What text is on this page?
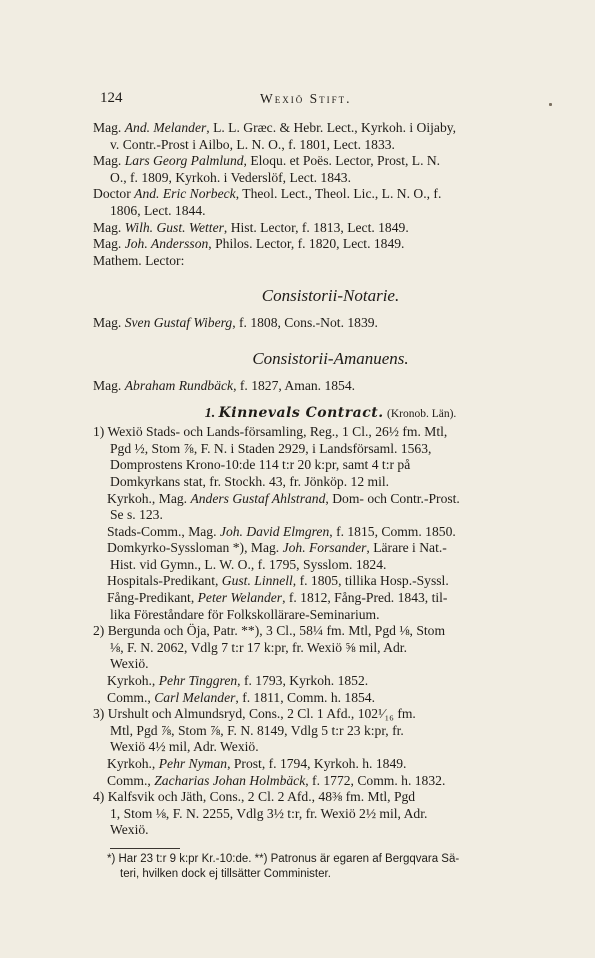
124	Wexiö Stift.
Mag. And. Melander, L. L. Græc. & Hebr. Lect., Kyrkoh. i Oijaby,
v. Contr.-Prost i Ailbo, L. N. O., f. 1801, Lect. 1833.
Mag. Lars Georg Palmlund, Eloqu. et Poës. Lector, Prost, L. N.
O., f. 1809, Kyrkoh. i Vederslöf, Lect. 1843.
Doctor And. Eric Norbeck, Theol. Lect., Theol. Lic., L. N. O., f.
1806, Lect. 1844.
Mag. Wilh. Gust. Wetter, Hist. Lector, f. 1813, Lect. 1849.
Mag. Joh. Andersson, Philos. Lector, f. 1820, Lect. 1849.
Mathem. Lector:
Consistorii-Notarie.
Mag. Sven Gustaf Wiberg, f. 1808, Cons.-Not. 1839.
Consistorii-Amanuens.
Mag. Abraham Rundbäck, f. 1827, Aman. 1854.
1. Kinnevals Contract. (Kronob. Län).
1) Wexiö Stads- och Lands-församling, Reg., 1 Cl., 26½ fm. Mtl,
Pgd ½, Stom ⅞, F. N. i Staden 2929, i Landsförsaml. 1563,
Domprostens Krono-10:de 114 t:r 20 k:pr, samt 4 t:r på
Domkyrkans stat, fr. Stockh. 43, fr. Jönköp. 12 mil.
Kyrkoh., Mag. Anders Gustaf Ahlstrand, Dom- och Contr.-Prost.
Se s. 123.
Stads-Comm., Mag. Joh. David Elmgren, f. 1815, Comm. 1850.
Domkyrko-Syssloman *), Mag. Joh. Forsander, Lärare i Nat.-
Hist. vid Gymn., L. W. O., f. 1795, Sysslom. 1824.
Hospitals-Predikant, Gust. Linnell, f. 1805, tillika Hosp.-Syssl.
Fång-Predikant, Peter Welander, f. 1812, Fång-Pred. 1843, til-
lika Föreståndare för Folkskollärare-Seminarium.
2) Bergunda och Öja, Patr. **), 3 Cl., 58¼ fm. Mtl, Pgd ⅛, Stom
⅛, F. N. 2062, Vdlg 7 t:r 17 k:pr, fr. Wexiö ⅝ mil, Adr.
Wexiö.
Kyrkoh., Pehr Tinggren, f. 1793, Kyrkoh. 1852.
Comm., Carl Melander, f. 1811, Comm. h. 1854.
3) Urshult och Almundsryd, Cons., 2 Cl. 1 Afd., 102¹⁄₁₆ fm.
Mtl, Pgd ⅞, Stom ⅞, F. N. 8149, Vdlg 5 t:r 23 k:pr, fr.
Wexiö 4½ mil, Adr. Wexiö.
Kyrkoh., Pehr Nyman, Prost, f. 1794, Kyrkoh. h. 1849.
Comm., Zacharias Johan Holmbäck, f. 1772, Comm. h. 1832.
4) Kalfsvik och Jäth, Cons., 2 Cl. 2 Afd., 48⅜ fm. Mtl, Pgd
1, Stom ⅛, F. N. 2255, Vdlg 3½ t:r, fr. Wexiö 2½ mil, Adr.
Wexiö.
*) Har 23 t:r 9 k:pr Kr.-10:de. **) Patronus är egaren af Bergqvara Sä-
teri, hvilken dock ej tillsätter Comminister.
